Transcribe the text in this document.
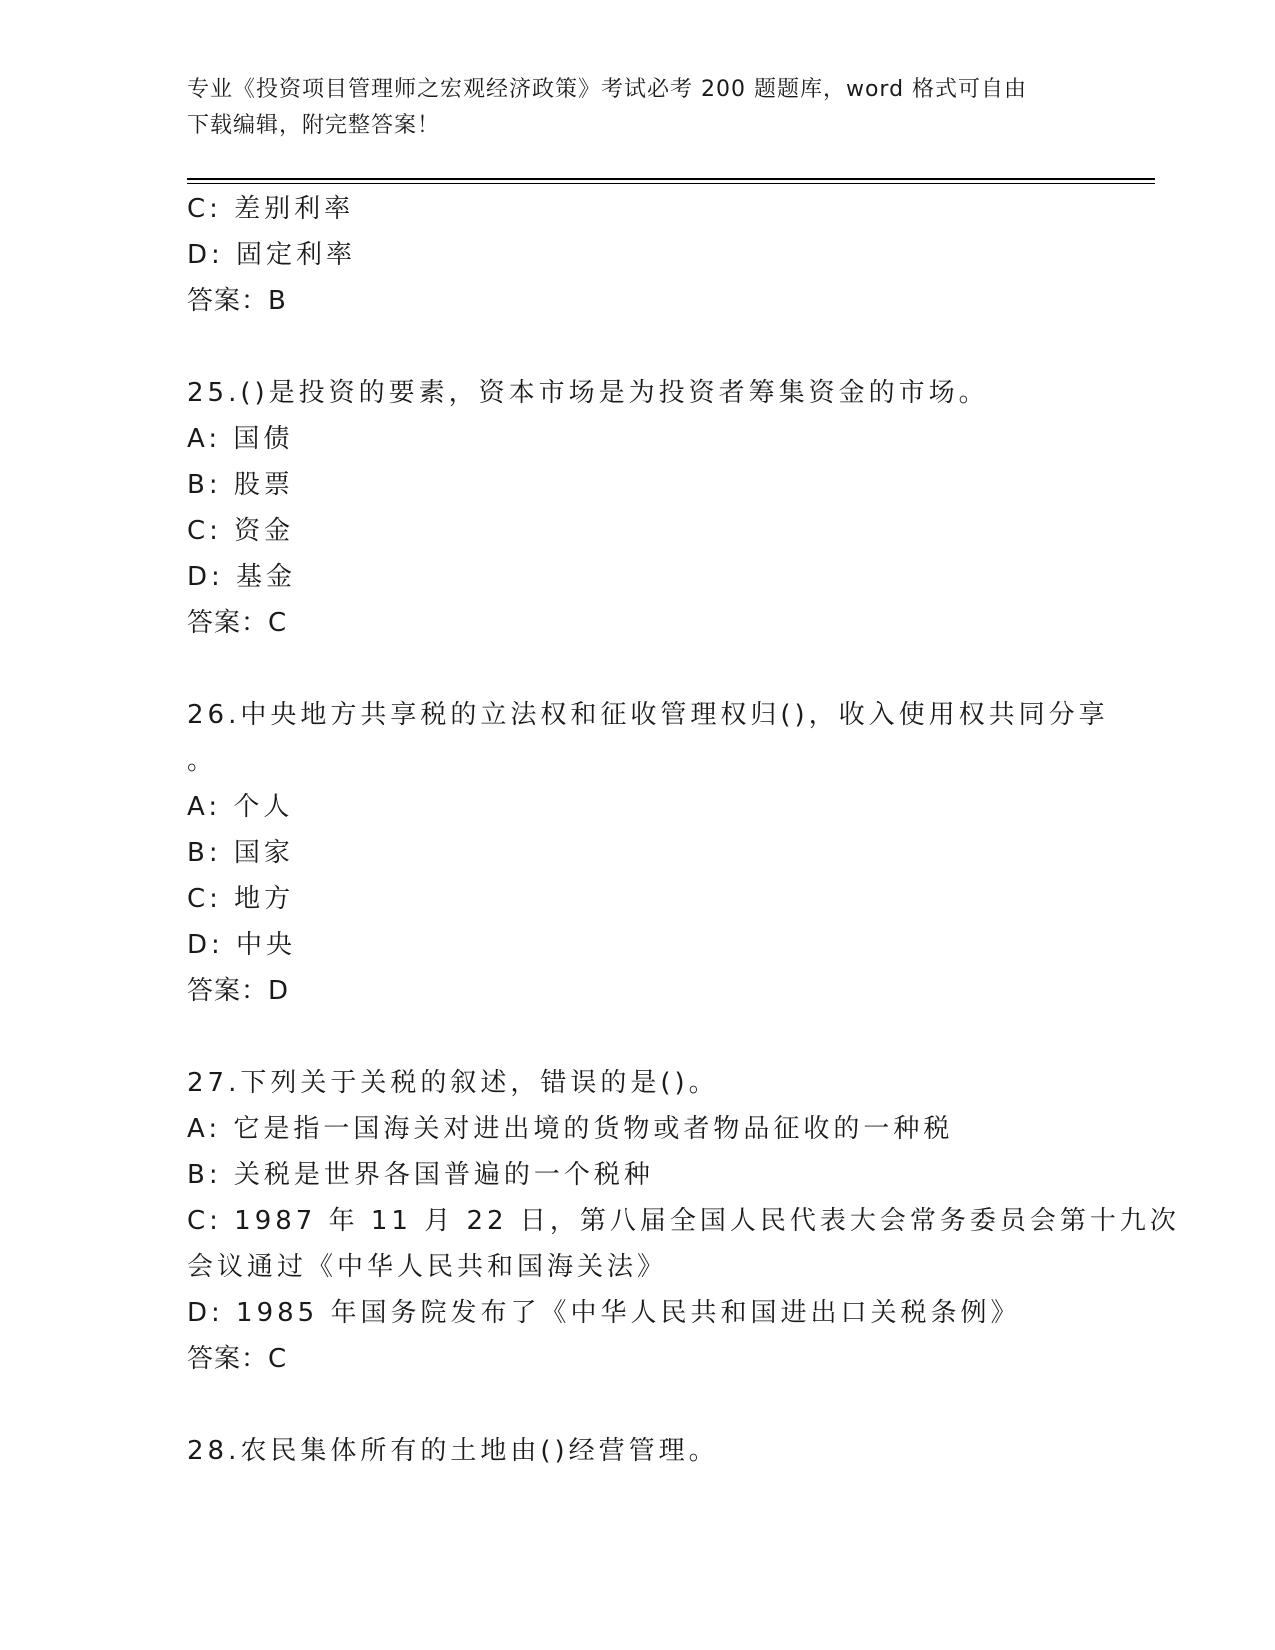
专业《投资项目管理师之宏观经济政策》考试必考 200 题题库，word 格式可自由
下载编辑，附完整答案！
C: 差别利率
D: 固定利率
答案：B
25.()是投资的要素，资本市场是为投资者筹集资金的市场。
A: 国债
B: 股票
C: 资金
D: 基金
答案：C
26.中央地方共享税的立法权和征收管理权归()，收入使用权共同分享
。
A: 个人
B: 国家
C: 地方
D: 中央
答案：D
27.下列关于关税的叙述，错误的是()。
A: 它是指一国海关对进出境的货物或者物品征收的一种税
B: 关税是世界各国普遍的一个税种
C: 1987 年 11 月 22 日，第八届全国人民代表大会常务委员会第十九次
会议通过《中华人民共和国海关法》
D: 1985 年国务院发布了《中华人民共和国进出口关税条例》
答案：C
28.农民集体所有的土地由()经营管理。
